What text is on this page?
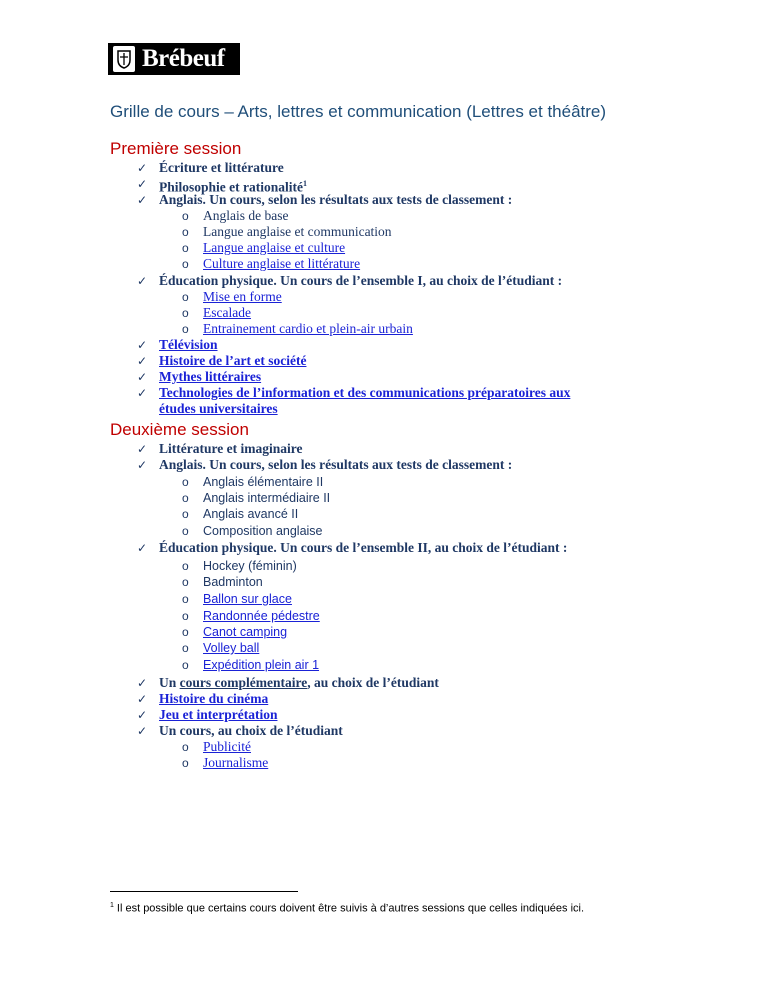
Brébeuf
Grille de cours – Arts, lettres et communication (Lettres et théâtre)
Première session
✓ Écriture et littérature
✓ Philosophie et rationalité$^1$
✓ Anglais. Un cours, selon les résultats aux tests de classement :
o Anglais de base
o Langue anglaise et communication
o Langue anglaise et culture
o Culture anglaise et littérature
✓ Éducation physique. Un cours de l’ensemble I, au choix de l’étudiant :
o Mise en forme
o Escalade
o Entrainement cardio et plein-air urbain
✓ Télévision
✓ Histoire de l’art et société
✓ Mythes littéraires
✓ Technologies de l’information et des communications préparatoires aux
études universitaires
Deuxième session
✓ Littérature et imaginaire
✓ Anglais. Un cours, selon les résultats aux tests de classement :
o Anglais élémentaire II
o Anglais intermédiaire II
o Anglais avancé II
o Composition anglaise
✓ Éducation physique. Un cours de l’ensemble II, au choix de l’étudiant :
o Hockey (féminin)
o Badminton
o Ballon sur glace
o Randonnée pédestre
o Canot camping
o Volley ball
o Expédition plein air 1
✓ Un cours complémentaire, au choix de l’étudiant
✓ Histoire du cinéma
✓ Jeu et interprétation
✓ Un cours, au choix de l’étudiant
o Publicité
o Journalisme
$^1$ Il est possible que certains cours doivent être suivis à d’autres sessions que celles indiquées ici.
